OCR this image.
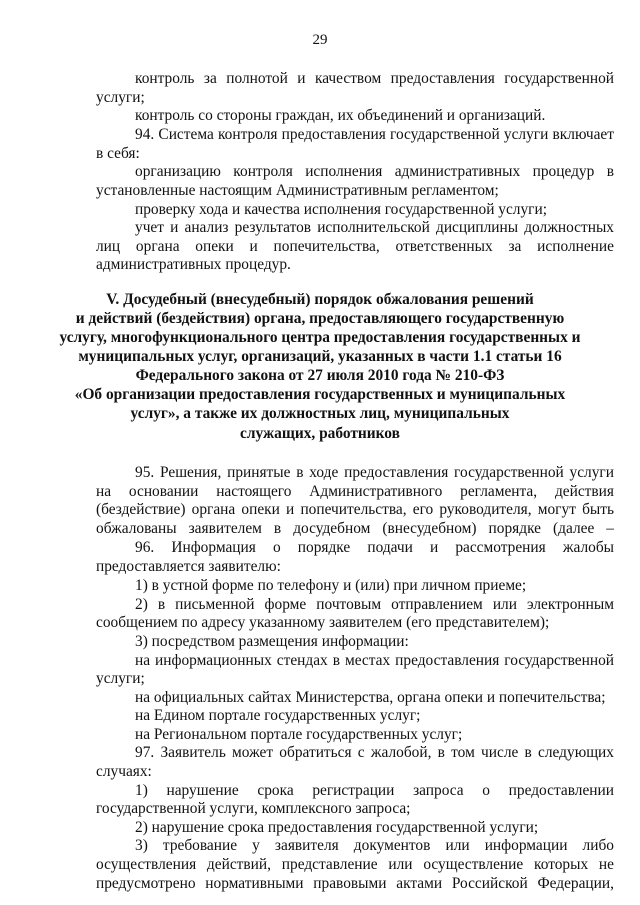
29
контроль за полнотой и качеством предоставления государственной
услуги;
контроль со стороны граждан, их объединений и организаций.
94. Система контроля предоставления государственной услуги включает
в себя:
организацию контроля исполнения административных процедур в
установленные настоящим Административным регламентом;
проверку хода и качества исполнения государственной услуги;
учет и анализ результатов исполнительской дисциплины должностных
лиц органа опеки и попечительства, ответственных за исполнение
административных процедур.
V. Досудебный (внесудебный) порядок обжалования решений
и действий (бездействия) органа, предоставляющего государственную
услугу, многофункционального центра предоставления государственных и
муниципальных услуг, организаций, указанных в части 1.1 статьи 16
Федерального закона от 27 июля 2010 года № 210-ФЗ
«Об организации предоставления государственных и муниципальных
услуг», а также их должностных лиц, муниципальных
служащих, работников
95. Решения, принятые в ходе предоставления государственной услуги
на основании настоящего Административного регламента, действия
(бездействие) органа опеки и попечительства, его руководителя, могут быть
обжалованы заявителем в досудебном (внесудебном) порядке (далее –
96. Информация о порядке подачи и рассмотрения жалобы
предоставляется заявителю:
1) в устной форме по телефону и (или) при личном приеме;
2) в письменной форме почтовым отправлением или электронным
сообщением по адресу указанному заявителем (его представителем);
3) посредством размещения информации:
на информационных стендах в местах предоставления государственной
услуги;
на официальных сайтах Министерства, органа опеки и попечительства;
на Едином портале государственных услуг;
на Региональном портале государственных услуг;
97. Заявитель может обратиться с жалобой, в том числе в следующих
случаях:
1) нарушение срока регистрации запроса о предоставлении
государственной услуги, комплексного запроса;
2) нарушение срока предоставления государственной услуги;
3) требование у заявителя документов или информации либо
осуществления действий, представление или осуществление которых не
предусмотрено нормативными правовыми актами Российской Федерации,
